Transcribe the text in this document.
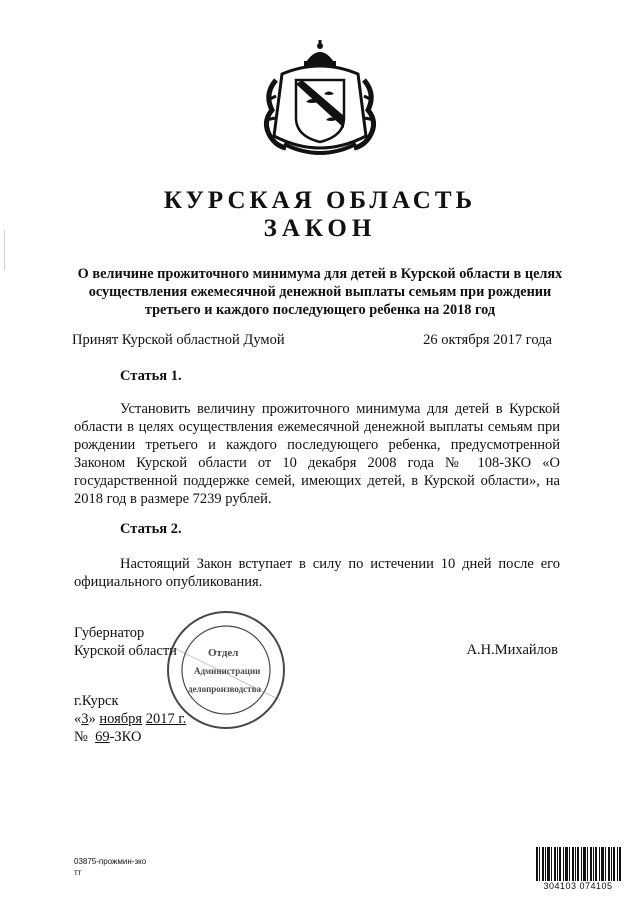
КУРСКАЯ ОБЛАСТЬ
ЗАКОН
О величине прожиточного минимума для детей в Курской области в целях осуществления ежемесячной денежной выплаты семьям при рождении третьего и каждого последующего ребенка на 2018 год
Принят Курской областной Думой	26 октября 2017 года
Статья 1.
Установить величину прожиточного минимума для детей в Курской области в целях осуществления ежемесячной денежной выплаты семьям при рождении третьего и каждого последующего ребенка, предусмотренной Законом Курской области от 10 декабря 2008 года № 108-ЗКО «О государственной поддержке семей, имеющих детей, в Курской области», на 2018 год в размере 7239 рублей.
Статья 2.
Настоящий Закон вступает в силу по истечении 10 дней после его официального опубликования.
Губернатор
Курской области	А.Н.Михайлов
Отдел
Администрации
делопроизводства
г.Курск
«3» ноября 2017 г.
№ 69-ЗКО
03875-прожмин-зко
тт
304103 074105
